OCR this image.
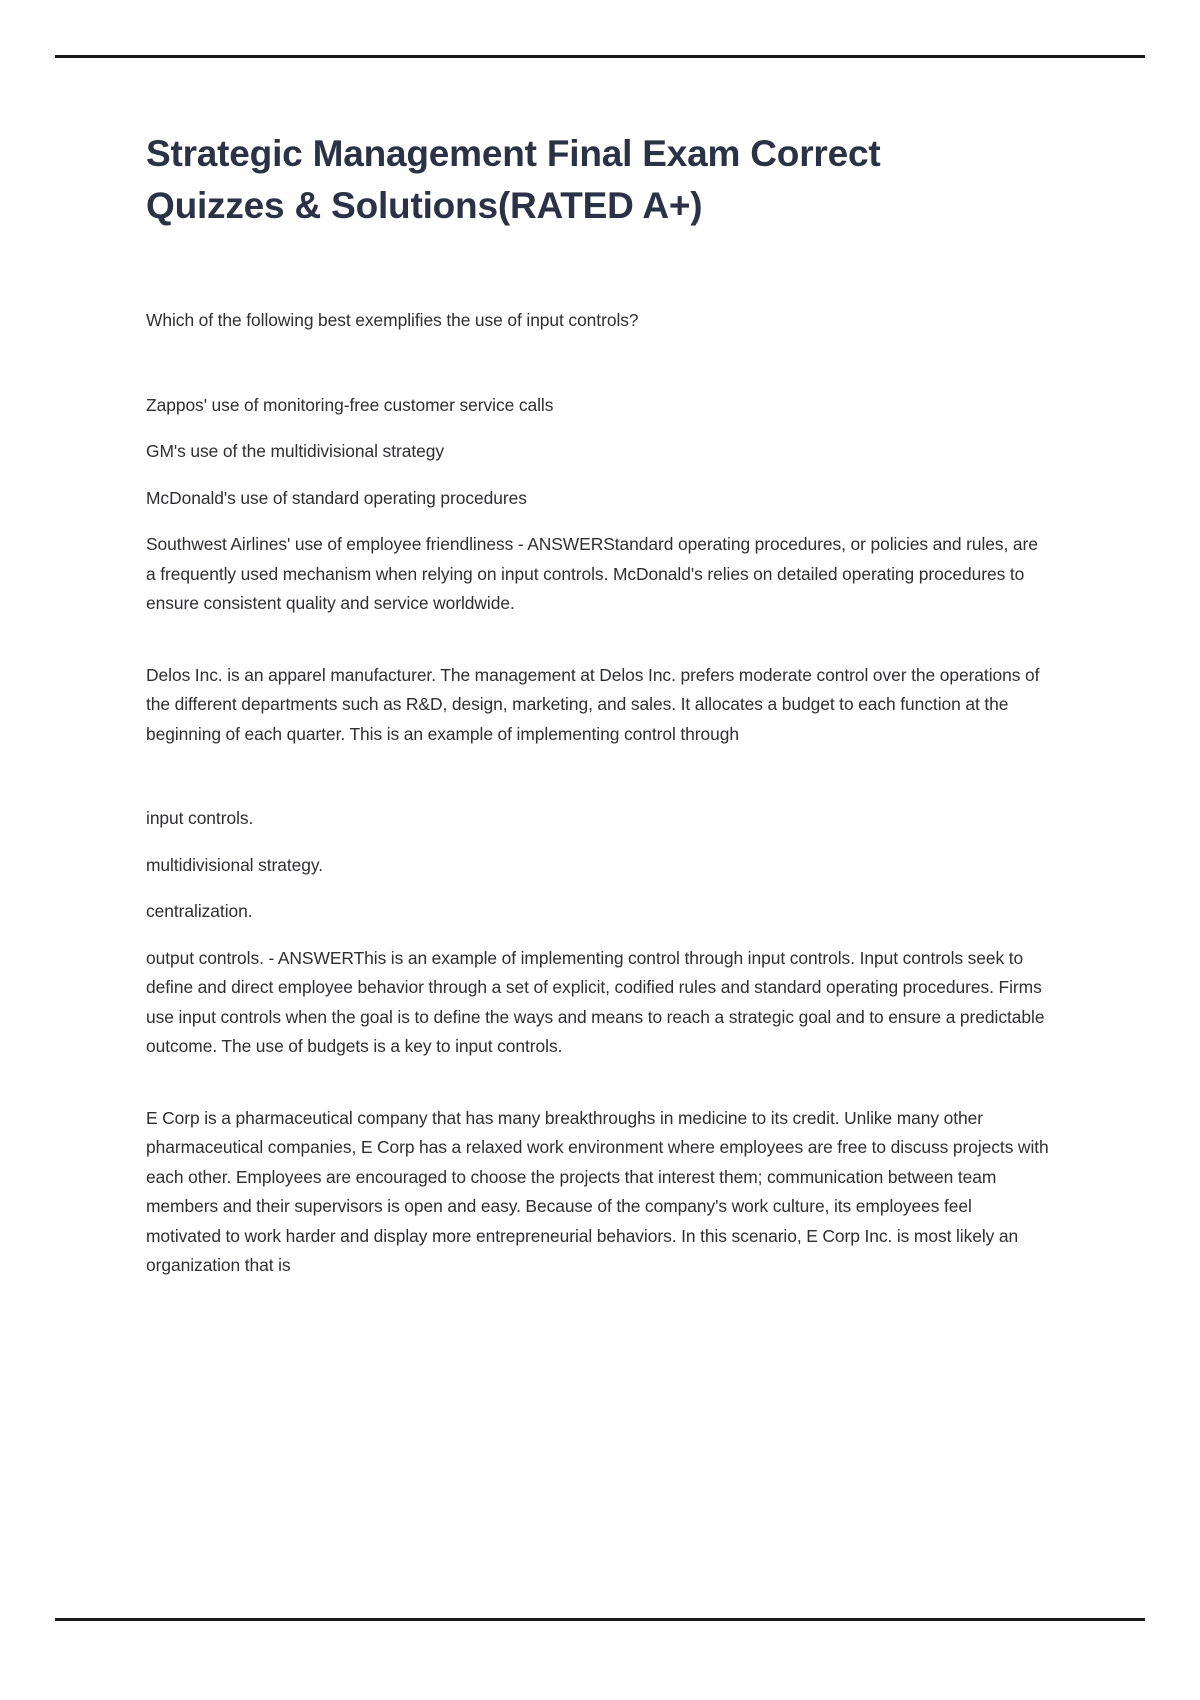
Strategic Management Final Exam Correct Quizzes & Solutions(RATED A+)

Which of the following best exemplifies the use of input controls?

Zappos' use of monitoring-free customer service calls

GM's use of the multidivisional strategy

McDonald's use of standard operating procedures

Southwest Airlines' use of employee friendliness - ANSWERStandard operating procedures, or policies and rules, are a frequently used mechanism when relying on input controls. McDonald's relies on detailed operating procedures to ensure consistent quality and service worldwide.

Delos Inc. is an apparel manufacturer. The management at Delos Inc. prefers moderate control over the operations of the different departments such as R&D, design, marketing, and sales. It allocates a budget to each function at the beginning of each quarter. This is an example of implementing control through

input controls.

multidivisional strategy.

centralization.

output controls. - ANSWERThis is an example of implementing control through input controls. Input controls seek to define and direct employee behavior through a set of explicit, codified rules and standard operating procedures. Firms use input controls when the goal is to define the ways and means to reach a strategic goal and to ensure a predictable outcome. The use of budgets is a key to input controls.

E Corp is a pharmaceutical company that has many breakthroughs in medicine to its credit. Unlike many other pharmaceutical companies, E Corp has a relaxed work environment where employees are free to discuss projects with each other. Employees are encouraged to choose the projects that interest them; communication between team members and their supervisors is open and easy. Because of the company's work culture, its employees feel motivated to work harder and display more entrepreneurial behaviors. In this scenario, E Corp Inc. is most likely an organization that is
